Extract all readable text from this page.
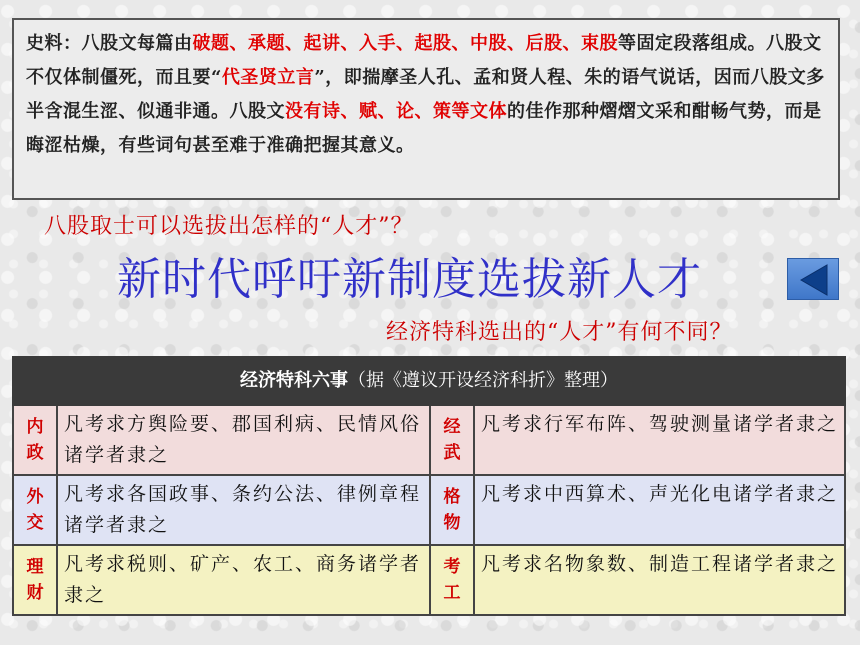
史料：八股文每篇由破题、承题、起讲、入手、起股、中股、后股、束股等固定段落组成。八股文不仅体制僵死，而且要“代圣贤立言”，即揣摩圣人孔、孟和贤人程、朱的语气说话，因而八股文多半含混生涩、似通非通。八股文没有诗、赋、论、策等文体的佳作那种熠熠文采和酣畅气势，而是晦涩枯燥，有些词句甚至难于准确把握其意义。
八股取士可以选拔出怎样的“人才”？
新时代呼吁新制度选拔新人才
经济特科选出的“人才”有何不同？
经济特科六事（据《遵议开设经济科折》整理）
内
政
凡考求方舆险要、郡国利病、民情风俗诸学者隶之
经
武
凡考求行军布阵、驾驶测量诸学者隶之
外
交
凡考求各国政事、条约公法、律例章程诸学者隶之
格
物
凡考求中西算术、声光化电诸学者隶之
理
财
凡考求税则、矿产、农工、商务诸学者隶之
考
工
凡考求名物象数、制造工程诸学者隶之
